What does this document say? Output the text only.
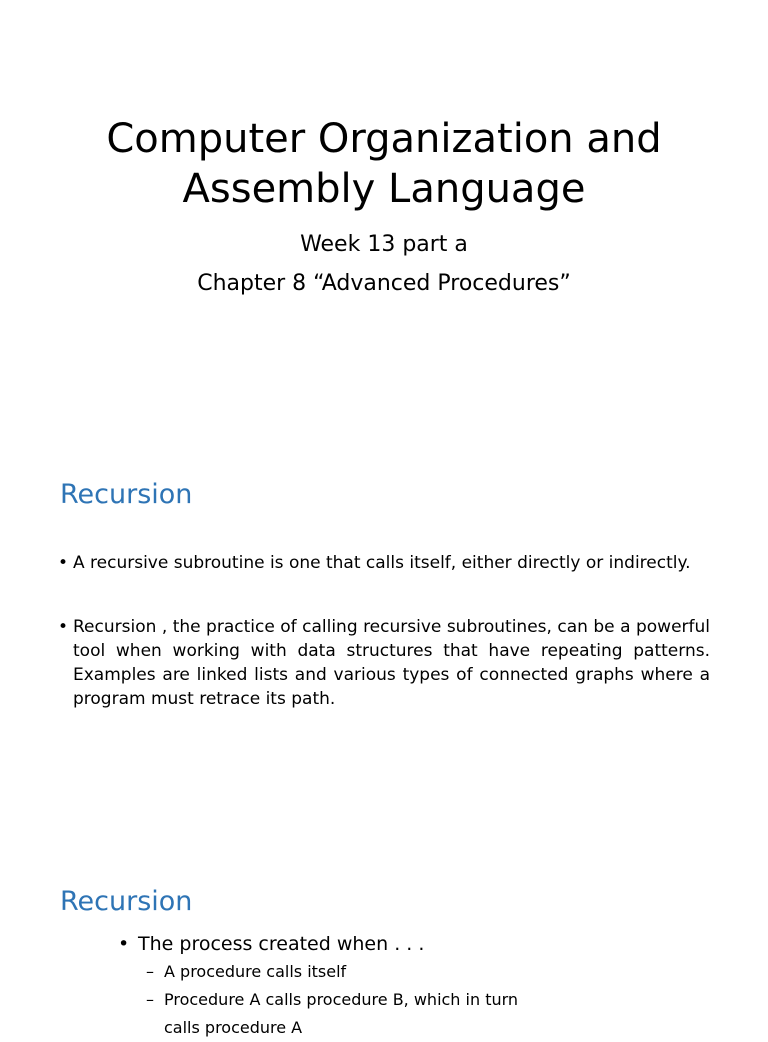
Computer Organization and
Assembly Language

Week 13 part a

Chapter 8 “Advanced Procedures”

Recursion
• A recursive subroutine is one that calls itself, either directly or indirectly.
• Recursion , the practice of calling recursive subroutines, can be a powerful tool when working with data structures that have repeating patterns. Examples are linked lists and various types of connected graphs where a program must retrace its path.
Recursion
• The process created when . . .
– A procedure calls itself
– Procedure A calls procedure B, which in turn
calls procedure A
